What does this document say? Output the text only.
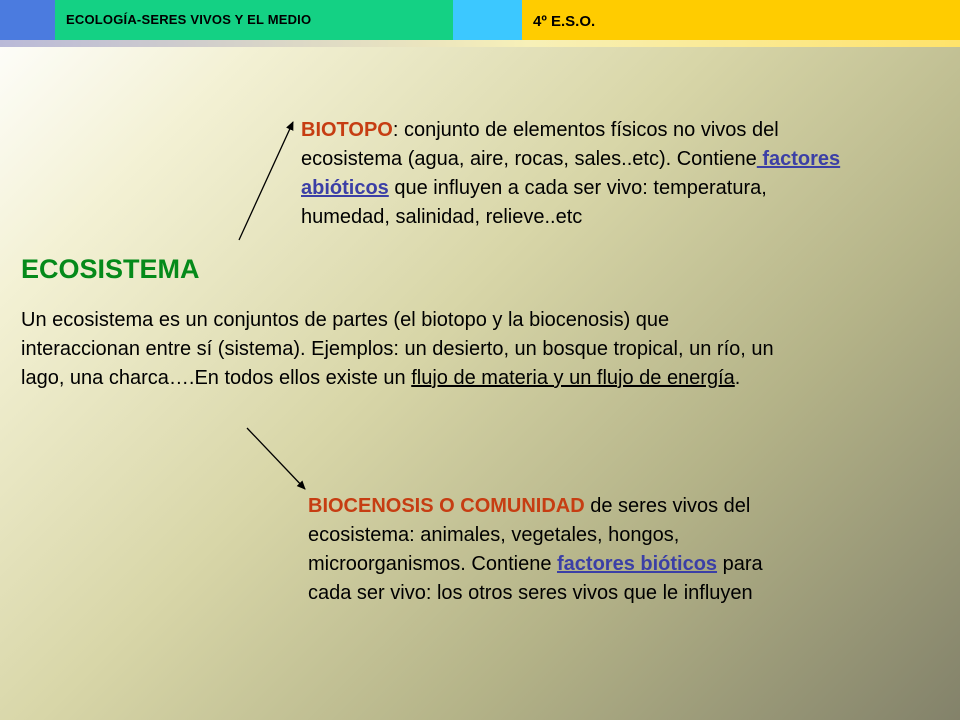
ECOLOGÍA-SERES VIVOS Y EL MEDIO	4º E.S.O.
BIOTOPO: conjunto de elementos físicos no vivos del ecosistema (agua, aire, rocas, sales..etc). Contiene factores abióticos que influyen a cada ser vivo: temperatura, humedad, salinidad, relieve..etc
ECOSISTEMA
Un ecosistema es un conjuntos de partes (el biotopo y la biocenosis) que interaccionan entre sí (sistema). Ejemplos: un desierto, un bosque tropical, un río, un lago, una charca….En todos ellos existe un flujo de materia y un flujo de energía.
BIOCENOSIS O COMUNIDAD de seres vivos del ecosistema: animales, vegetales, hongos, microorganismos. Contiene factores bióticos para cada ser vivo: los otros seres vivos que le influyen
